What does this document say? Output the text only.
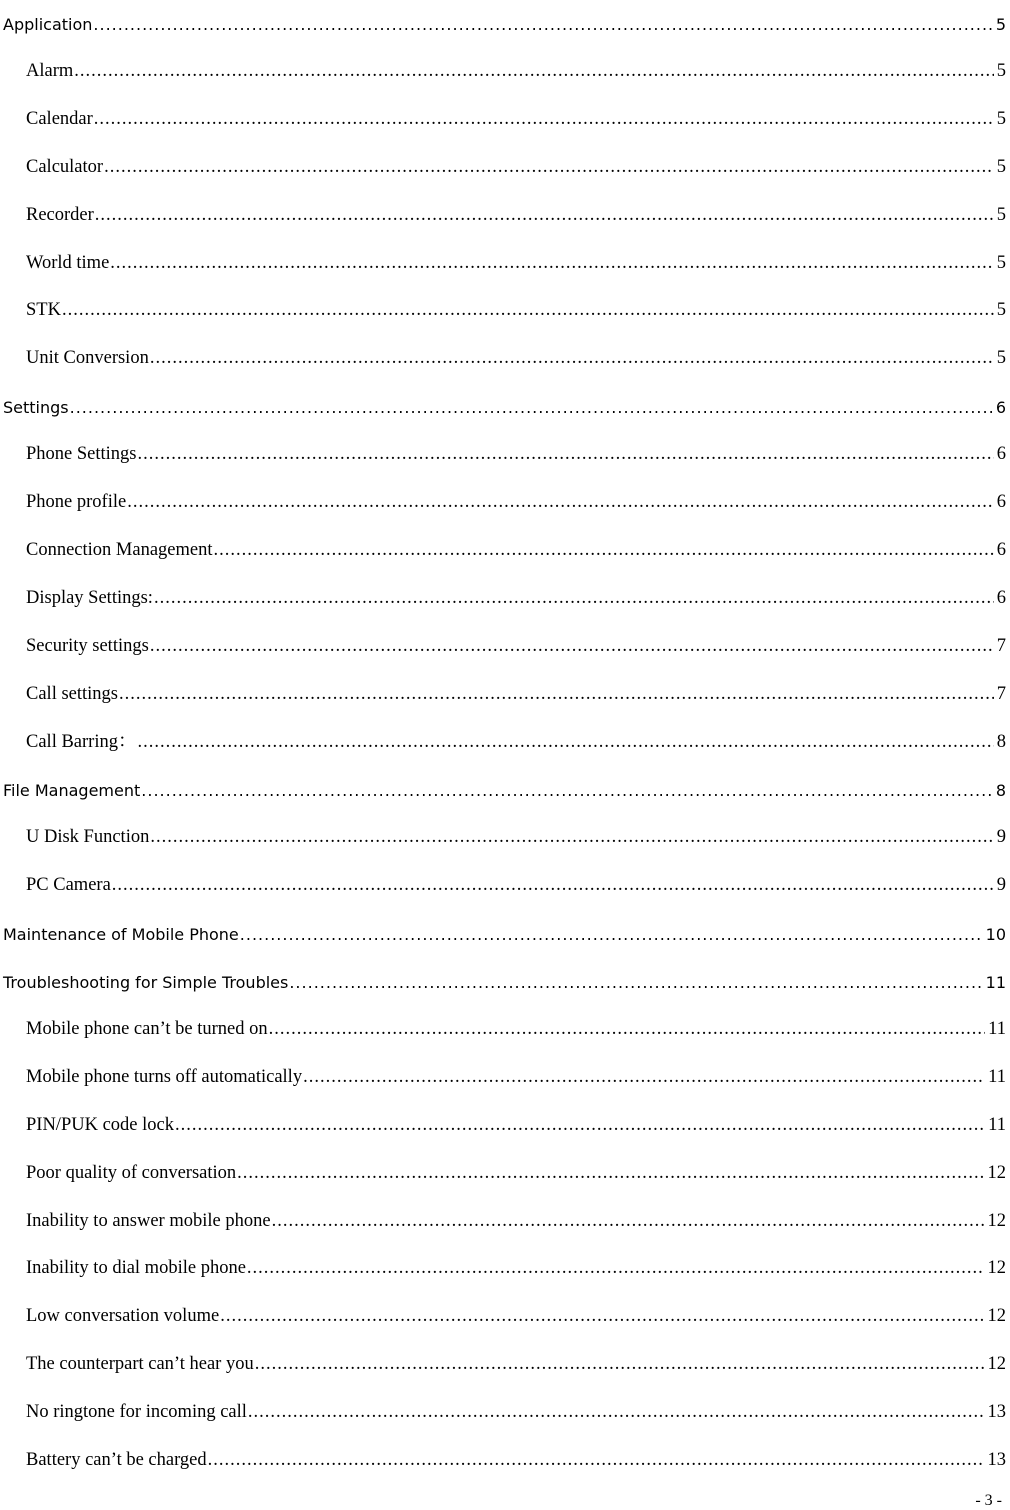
Application .....	5
Alarm .....	5
Calendar .....	5
Calculator .....	5
Recorder .....	5
World time .....	5
STK .....	5
Unit Conversion .....	5
Settings .....	6
Phone Settings .....	6
Phone profile .....	6
Connection Management .....	6
Display Settings: .....	6
Security settings .....	7
Call settings .....	7
Call Barring： .....	8
File Management .....	8
U Disk Function .....	9
PC Camera .....	9
Maintenance of Mobile Phone .....	10
Troubleshooting for Simple Troubles .....	11
Mobile phone can’t be turned on .....	11
Mobile phone turns off automatically .....	11
PIN/PUK code lock .....	11
Poor quality of conversation .....	12
Inability to answer mobile phone .....	12
Inability to dial mobile phone .....	12
Low conversation volume .....	12
The counterpart can’t hear you .....	12
No ringtone for incoming call .....	13
Battery can’t be charged .....	13
- 3 -
